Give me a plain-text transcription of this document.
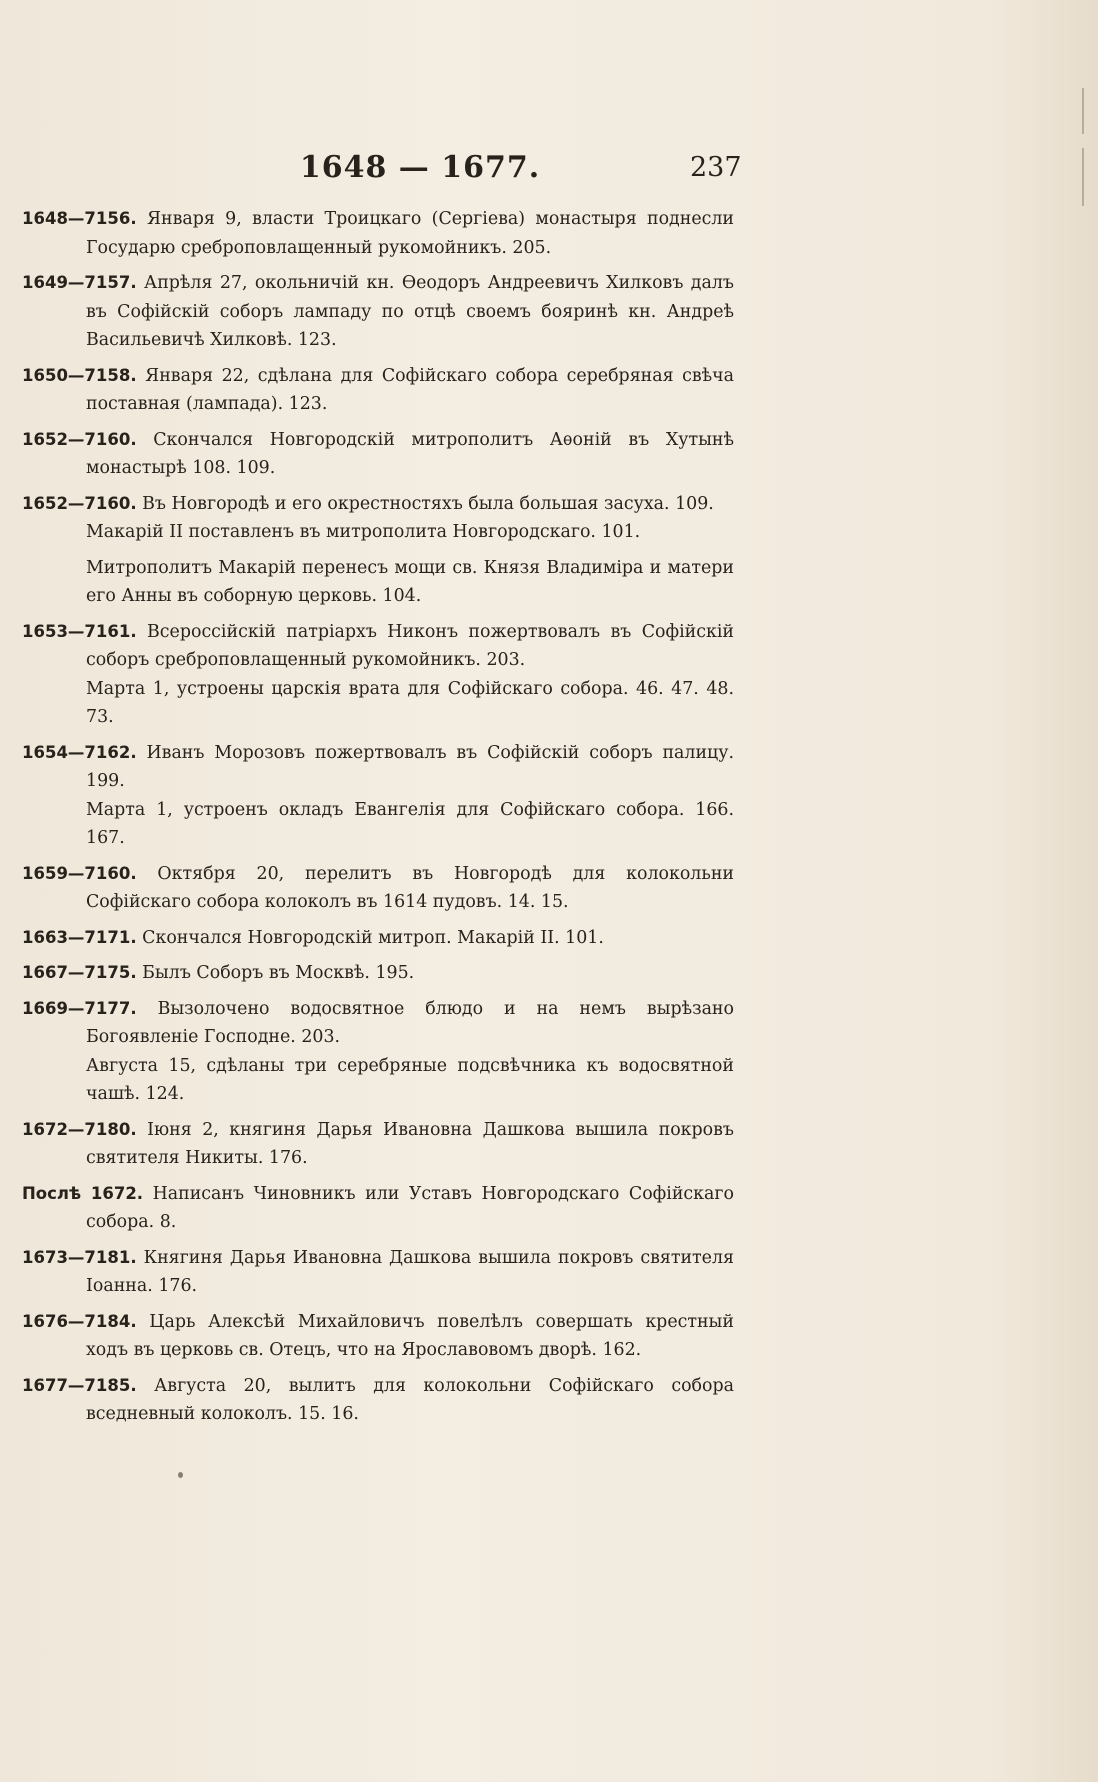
1648 — 1677.	237

1648—7156. Января 9, власти Троицкаго (Сергіева) монастыря поднесли Государю среброповлащенный рукомойникъ. 205.

1649—7157. Апрѣля 27, окольничій кн. Ѳеодоръ Андреевичъ Хилковъ далъ въ Софійскій соборъ лампаду по отцѣ своемъ бояринѣ кн. Андреѣ Васильевичѣ Хилковѣ. 123.

1650—7158. Января 22, сдѣлана для Софійскаго собора серебряная свѣча поставная (лампада). 123.

1652—7160. Скончался Новгородскій митрополитъ Аѳоній въ Хутынѣ монастырѣ 108. 109.

1652—7160. Въ Новгородѣ и его окрестностяхъ была большая засуха. 109.

Макарій II поставленъ въ митрополита Новгородскаго. 101.

Митрополитъ Макарій перенесъ мощи св. Князя Владиміра и матери его Анны въ соборную церковь. 104.

1653—7161. Всероссійскій патріархъ Никонъ пожертвовалъ въ Софійскій соборъ среброповлащенный рукомойникъ. 203.

Марта 1, устроены царскія врата для Софійскаго собора. 46. 47. 48. 73.

1654—7162. Иванъ Морозовъ пожертвовалъ въ Софійскій соборъ палицу. 199.

Марта 1, устроенъ окладъ Евангелія для Софійскаго собора. 166. 167.

1659—7160. Октября 20, перелитъ въ Новгородѣ для колокольни Софійскаго собора колоколъ въ 1614 пудовъ. 14. 15.

1663—7171. Скончался Новгородскій митроп. Макарій II. 101.

1667—7175. Былъ Соборъ въ Москвѣ. 195.

1669—7177. Вызолочено водосвятное блюдо и на немъ вырѣзано Богоявленіе Господне. 203.

Августа 15, сдѣланы три серебряные подсвѣчника къ водосвятной чашѣ. 124.

1672—7180. Іюня 2, княгиня Дарья Ивановна Дашкова вышила покровъ святителя Никиты. 176.

Послѣ 1672. Написанъ Чиновникъ или Уставъ Новгородскаго Софійскаго собора. 8.

1673—7181. Княгиня Дарья Ивановна Дашкова вышила покровъ святителя Іоанна. 176.

1676—7184. Царь Алексѣй Михайловичъ повелѣлъ совершать крестный ходъ въ церковь св. Отецъ, что на Ярославовомъ дворѣ. 162.

1677—7185. Августа 20, вылитъ для колокольни Софійскаго собора вседневный колоколъ. 15. 16.
